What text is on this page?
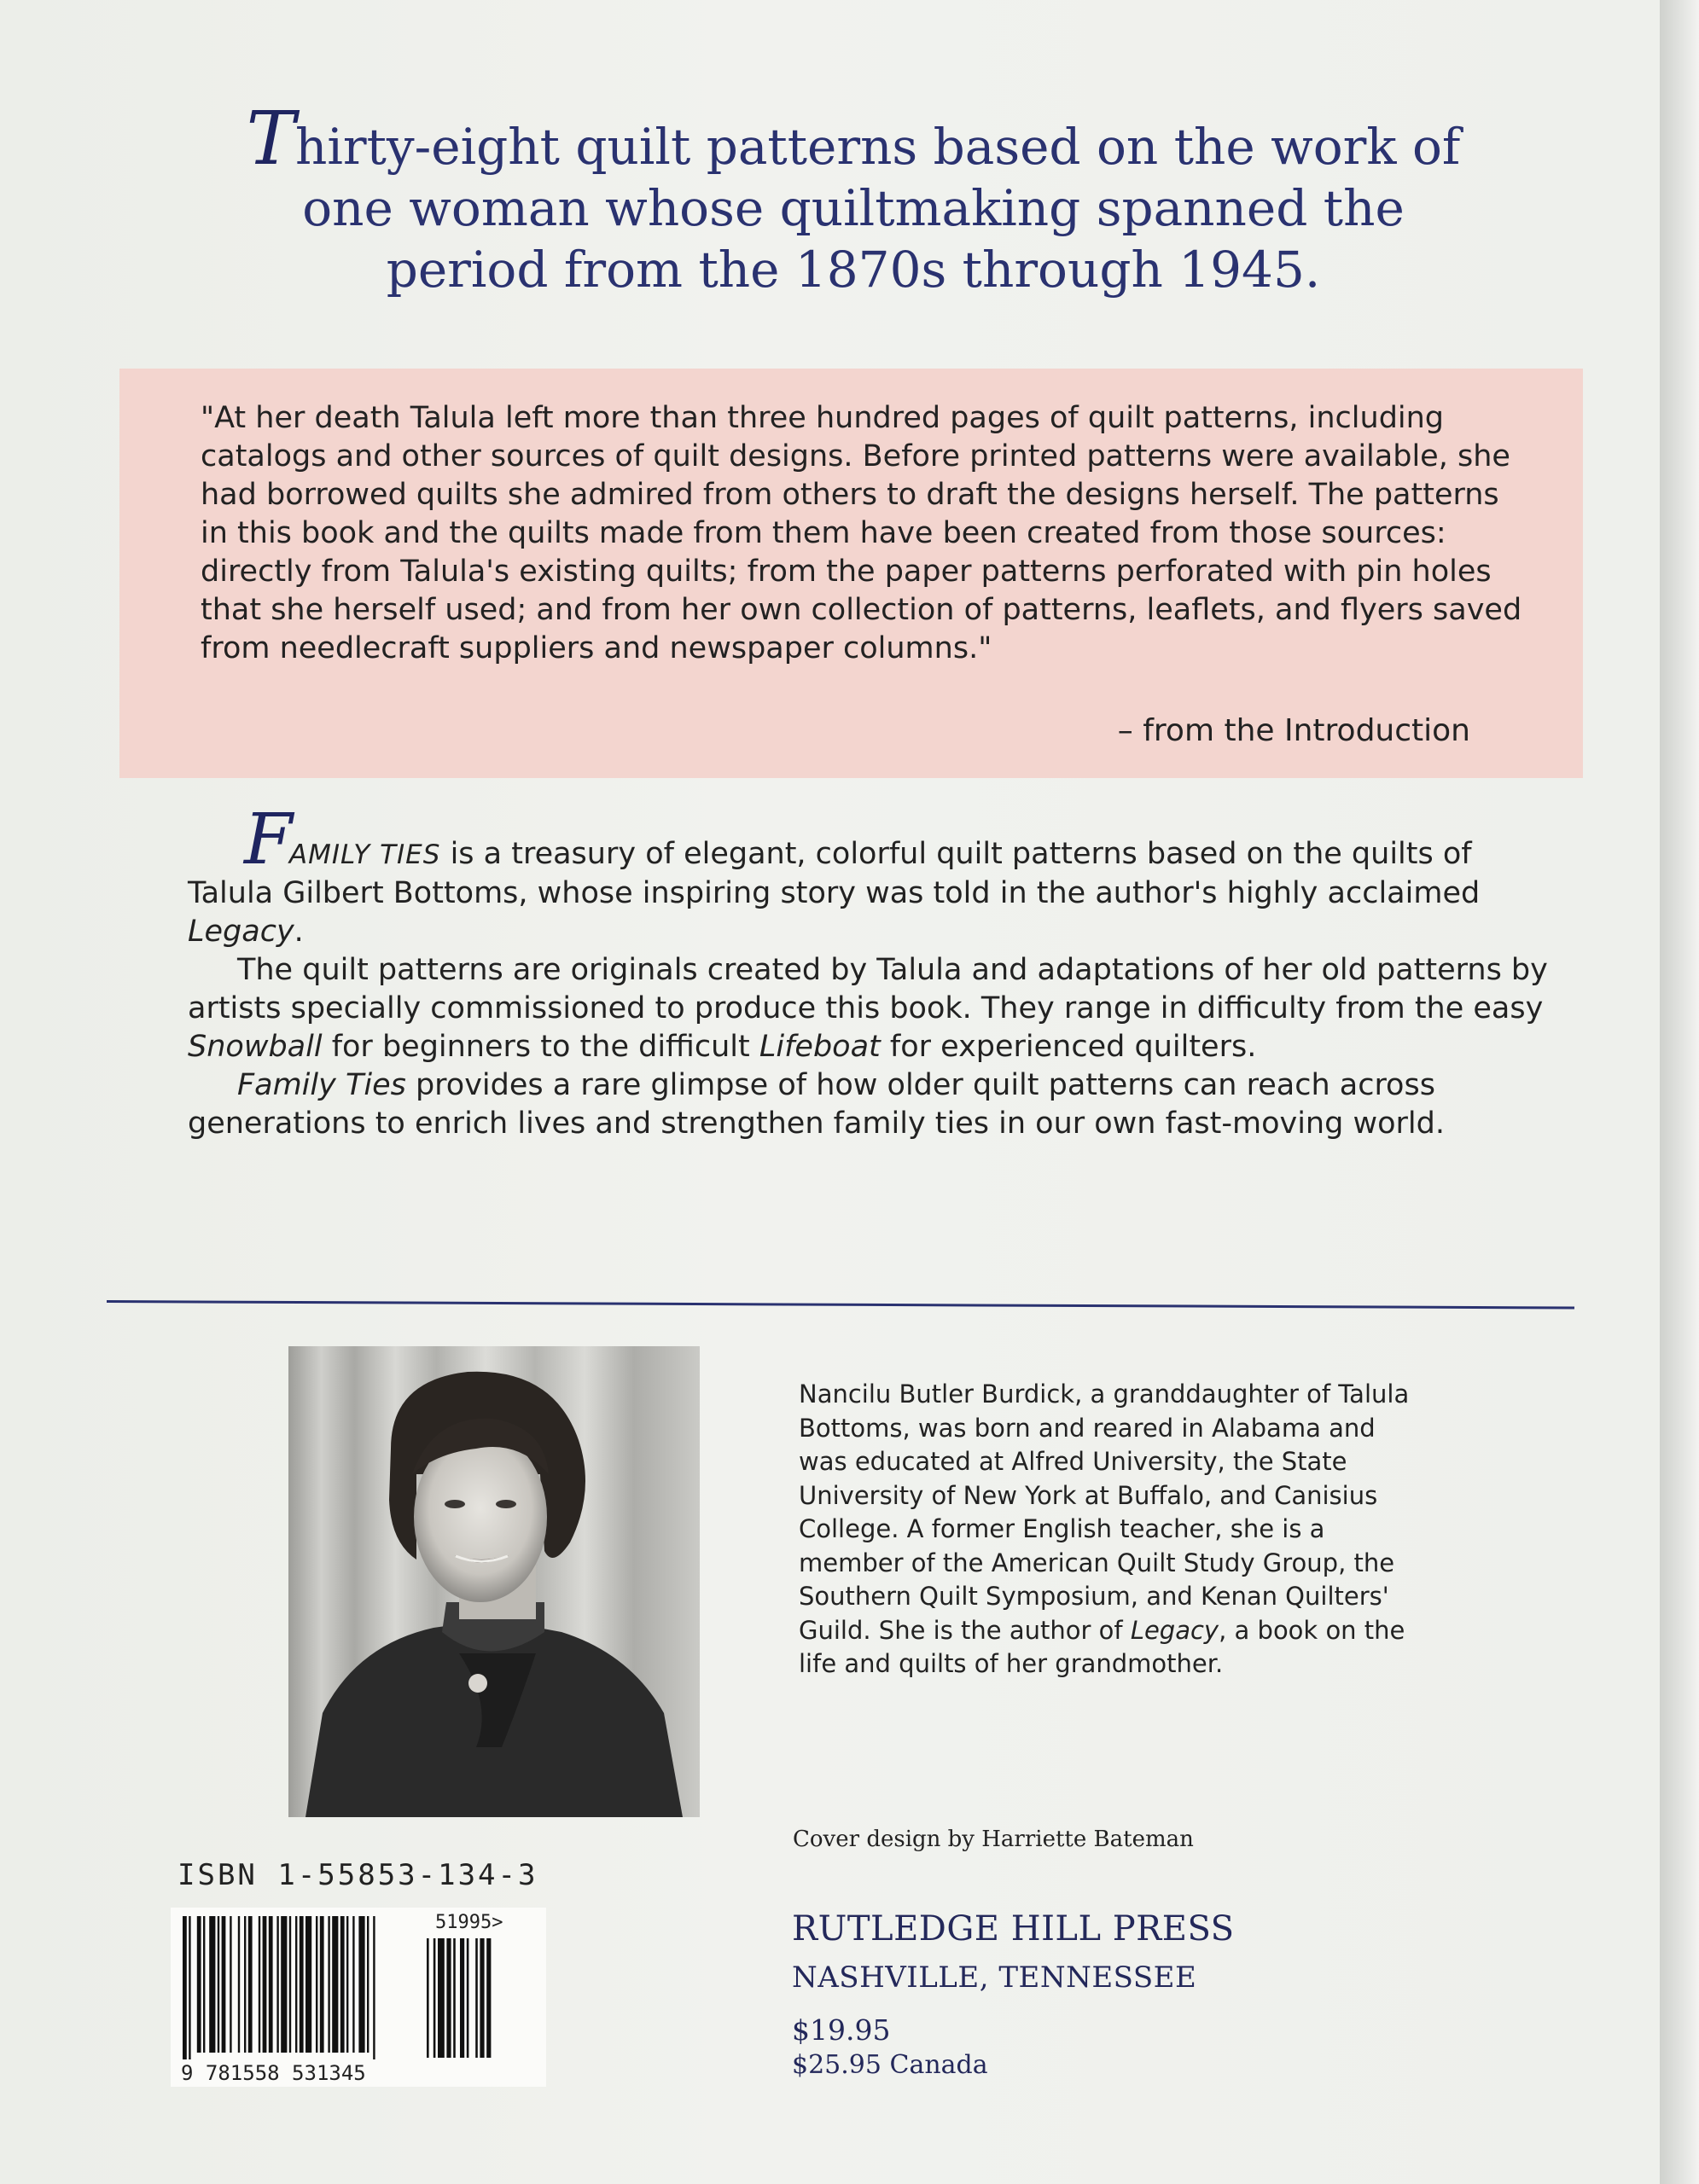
Thirty-eight quilt patterns based on the work of
one woman whose quiltmaking spanned the
period from the 1870s through 1945.
"At her death Talula left more than three hundred pages of quilt patterns, including catalogs and other sources of quilt designs. Before printed patterns were available, she had borrowed quilts she admired from others to draft the designs herself. The patterns in this book and the quilts made from them have been created from those sources: directly from Talula's existing quilts; from the paper patterns perforated with pin holes that she herself used; and from her own collection of patterns, leaflets, and flyers saved from needlecraft suppliers and newspaper columns."
– from the Introduction

FAMILY TIES is a treasury of elegant, colorful quilt patterns based on the quilts of Talula Gilbert Bottoms, whose inspiring story was told in the author's highly acclaimed Legacy.

The quilt patterns are originals created by Talula and adaptations of her old patterns by artists specially commissioned to produce this book. They range in difficulty from the easy Snowball for beginners to the difficult Lifeboat for experienced quilters.

Family Ties provides a rare glimpse of how older quilt patterns can reach across generations to enrich lives and strengthen family ties in our own fast-moving world.

Nancilu Butler Burdick, a granddaughter of Talula Bottoms, was born and reared in Alabama and was educated at Alfred University, the State University of New York at Buffalo, and Canisius College. A former English teacher, she is a member of the American Quilt Study Group, the Southern Quilt Symposium, and Kenan Quilters' Guild. She is the author of Legacy, a book on the life and quilts of her grandmother.
Cover design by Harriette Bateman
ISBN 1-55853-134-3
9 781558 531345
51995>	RUTLEDGE HILL PRESS
NASHVILLE, TENNESSEE
$19.95
$25.95 Canada
